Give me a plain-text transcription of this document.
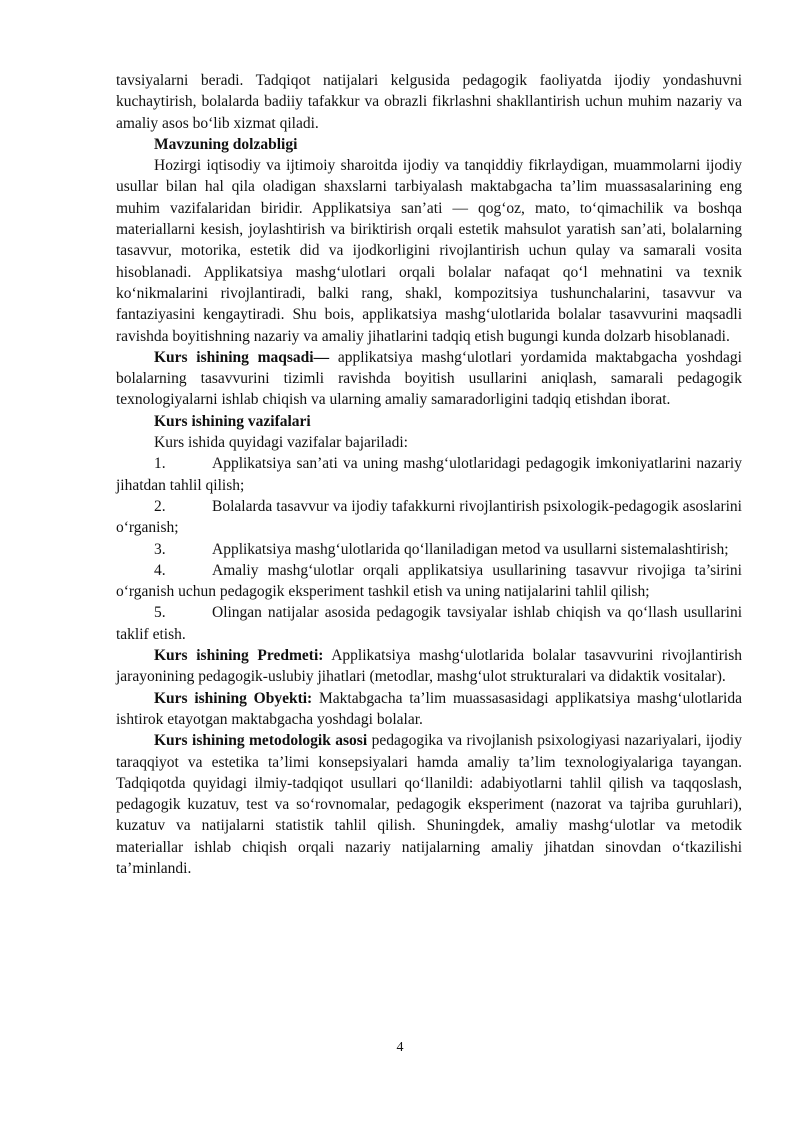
tavsiyalarni beradi. Tadqiqot natijalari kelgusida pedagogik faoliyatda ijodiy yondashuvni kuchaytirish, bolalarda badiiy tafakkur va obrazli fikrlashni shakllantirish uchun muhim nazariy va amaliy asos bo‘lib xizmat qiladi.

Mavzuning dolzabligi

Hozirgi iqtisodiy va ijtimoiy sharoitda ijodiy va tanqiddiy fikrlaydigan, muammolarni ijodiy usullar bilan hal qila oladigan shaxslarni tarbiyalash maktabgacha ta’lim muassasalarining eng muhim vazifalaridan biridir. Applikatsiya san’ati — qog‘oz, mato, to‘qimachilik va boshqa materiallarni kesish, joylashtirish va biriktirish orqali estetik mahsulot yaratish san’ati, bolalarning tasavvur, motorika, estetik did va ijodkorligini rivojlantirish uchun qulay va samarali vosita hisoblanadi. Applikatsiya mashg‘ulotlari orqali bolalar nafaqat qo‘l mehnatini va texnik ko‘nikmalarini rivojlantiradi, balki rang, shakl, kompozitsiya tushunchalarini, tasavvur va fantaziyasini kengaytiradi. Shu bois, applikatsiya mashg‘ulotlarida bolalar tasavvurini maqsadli ravishda boyitishning nazariy va amaliy jihatlarini tadqiq etish bugungi kunda dolzarb hisoblanadi.

Kurs ishining maqsadi— applikatsiya mashg‘ulotlari yordamida maktabgacha yoshdagi bolalarning tasavvurini tizimli ravishda boyitish usullarini aniqlash, samarali pedagogik texnologiyalarni ishlab chiqish va ularning amaliy samaradorligini tadqiq etishdan iborat.

Kurs ishining vazifalari

Kurs ishida quyidagi vazifalar bajariladi:

1.	Applikatsiya san’ati va uning mashg‘ulotlaridagi pedagogik imkoniyatlarini nazariy jihatdan tahlil qilish;

2.	Bolalarda tasavvur va ijodiy tafakkurni rivojlantirish psixologik-pedagogik asoslarini o‘rganish;

3.	Applikatsiya mashg‘ulotlarida qo‘llaniladigan metod va usullarni sistemalashtirish;

4.	Amaliy mashg‘ulotlar orqali applikatsiya usullarining tasavvur rivojiga ta’sirini o‘rganish uchun pedagogik eksperiment tashkil etish va uning natijalarini tahlil qilish;

5.	Olingan natijalar asosida pedagogik tavsiyalar ishlab chiqish va qo‘llash usullarini taklif etish.

Kurs ishining Predmeti: Applikatsiya mashg‘ulotlarida bolalar tasavvurini rivojlantirish jarayonining pedagogik-uslubiy jihatlari (metodlar, mashg‘ulot strukturalari va didaktik vositalar).

Kurs ishining Obyekti: Maktabgacha ta’lim muassasasidagi applikatsiya mashg‘ulotlarida ishtirok etayotgan maktabgacha yoshdagi bolalar.

Kurs ishining metodologik asosi pedagogika va rivojlanish psixologiyasi nazariyalari, ijodiy taraqqiyot va estetika ta’limi konsepsiyalari hamda amaliy ta’lim texnologiyalariga tayangan. Tadqiqotda quyidagi ilmiy-tadqiqot usullari qo‘llanildi: adabiyotlarni tahlil qilish va taqqoslash, pedagogik kuzatuv, test va so‘rovnomalar, pedagogik eksperiment (nazorat va tajriba guruhlari), kuzatuv va natijalarni statistik tahlil qilish. Shuningdek, amaliy mashg‘ulotlar va metodik materiallar ishlab chiqish orqali nazariy natijalarning amaliy jihatdan sinovdan o‘tkazilishi ta’minlandi.

4
